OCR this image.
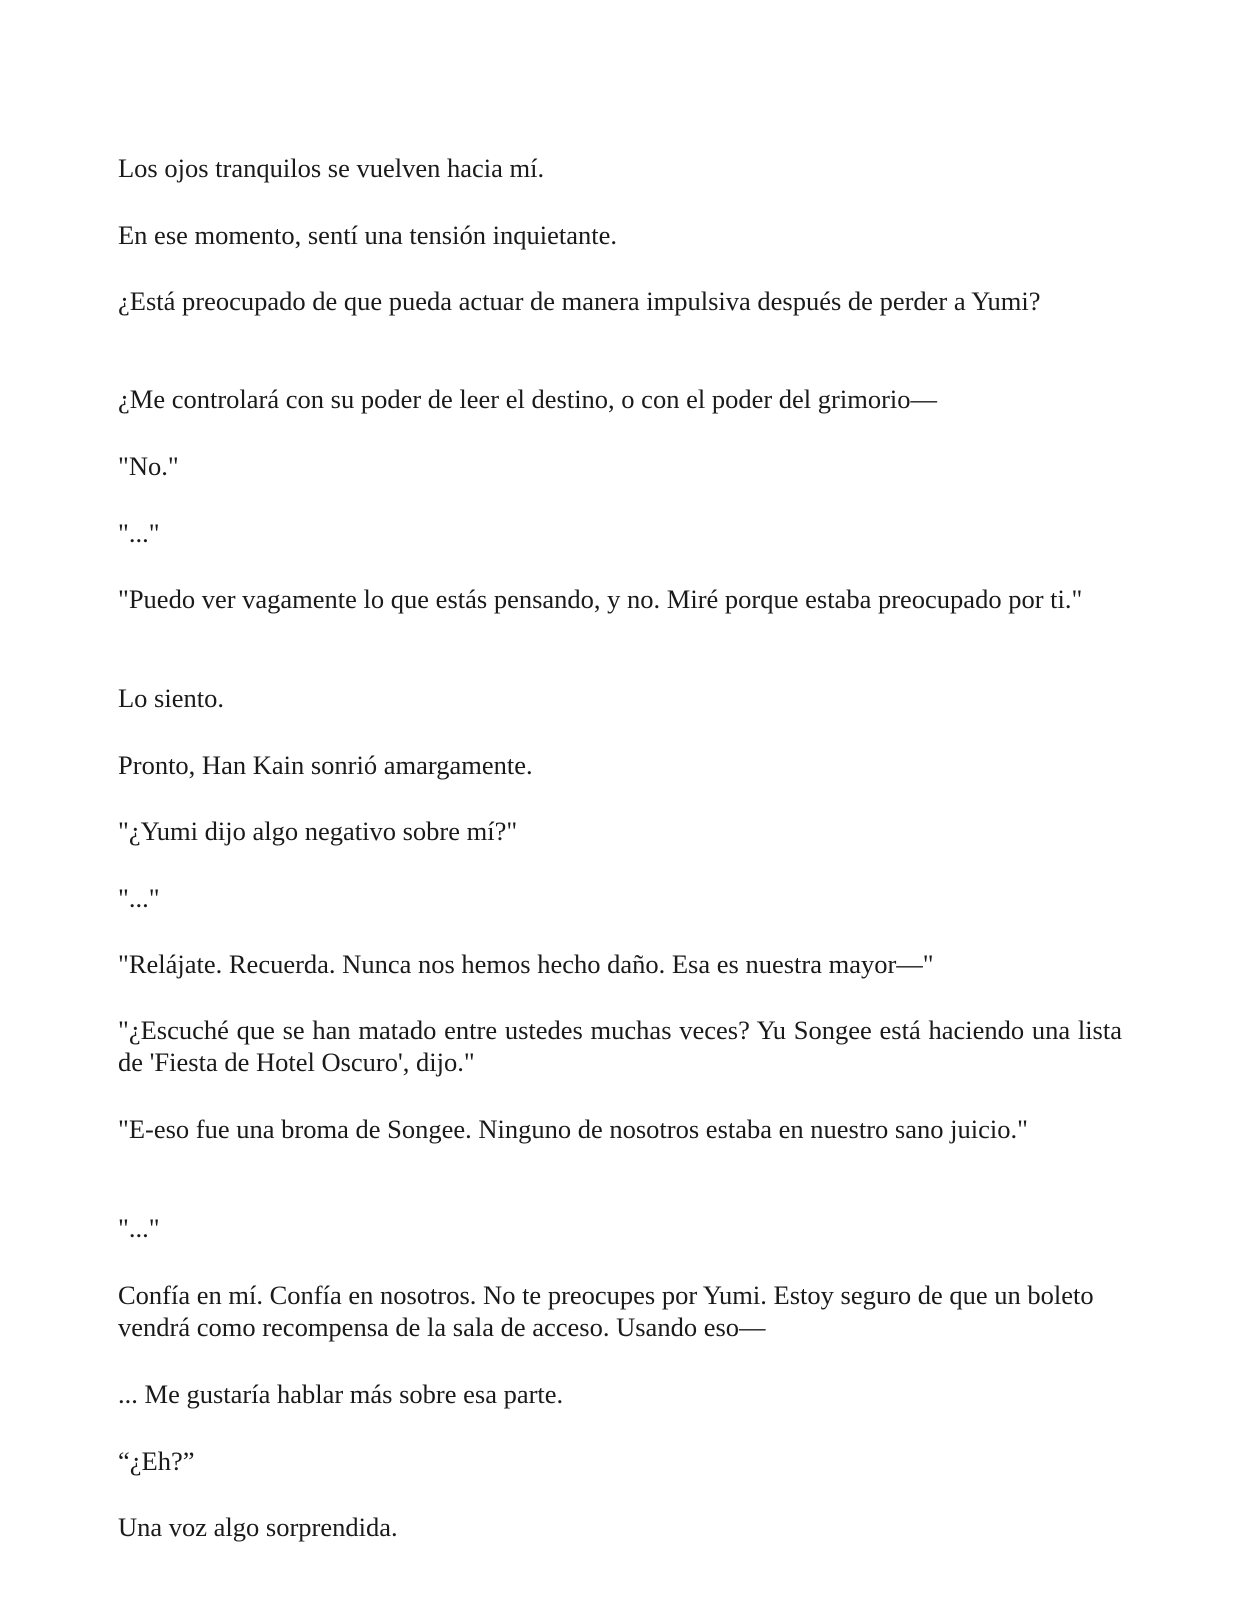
Los ojos tranquilos se vuelven hacia mí.

En ese momento, sentí una tensión inquietante.

¿Está preocupado de que pueda actuar de manera impulsiva después de perder a Yumi?

¿Me controlará con su poder de leer el destino, o con el poder del grimorio—

"No."

"..."

"Puedo ver vagamente lo que estás pensando, y no. Miré porque estaba preocupado por ti."

Lo siento.

Pronto, Han Kain sonrió amargamente.

"¿Yumi dijo algo negativo sobre mí?"

"..."

"Relájate. Recuerda. Nunca nos hemos hecho daño. Esa es nuestra mayor—"

"¿Escuché que se han matado entre ustedes muchas veces? Yu Songee está haciendo una lista de 'Fiesta de Hotel Oscuro', dijo."

"E-eso fue una broma de Songee. Ninguno de nosotros estaba en nuestro sano juicio."

"..."

Confía en mí. Confía en nosotros. No te preocupes por Yumi. Estoy seguro de que un boleto vendrá como recompensa de la sala de acceso. Usando eso—

... Me gustaría hablar más sobre esa parte.

“¿Eh?”

Una voz algo sorprendida.
